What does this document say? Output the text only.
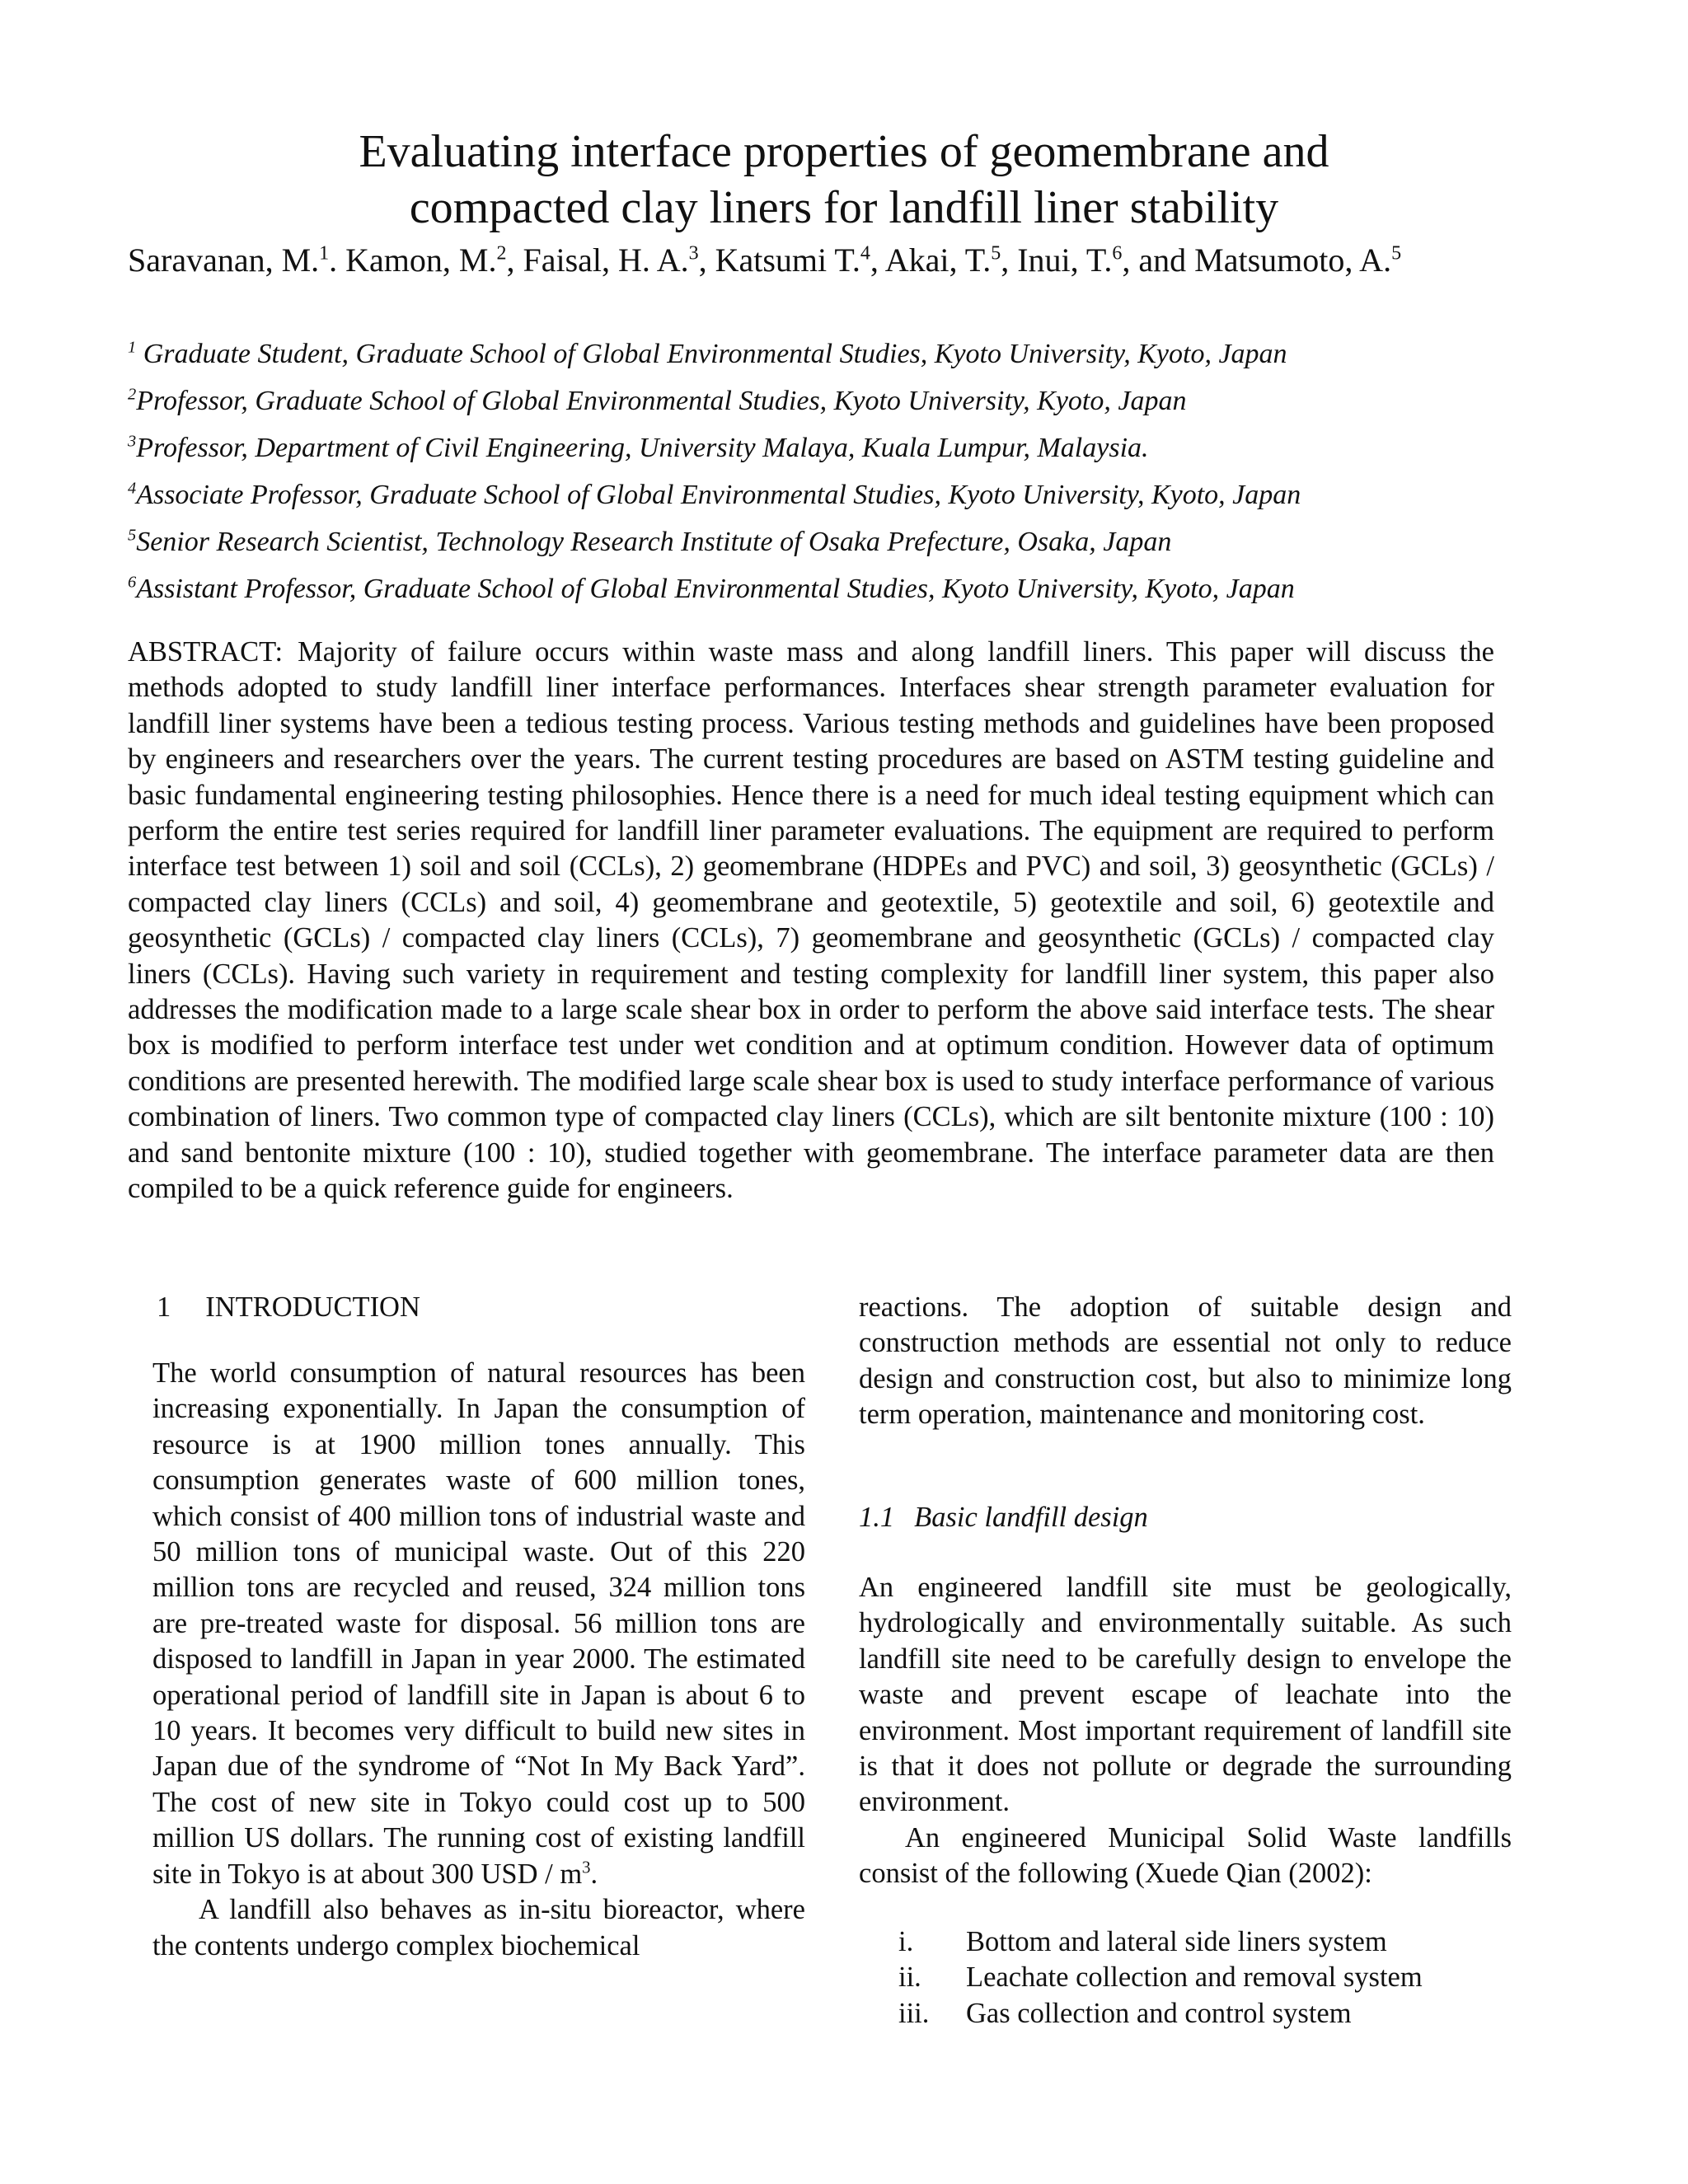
Evaluating interface properties of geomembrane and
compacted clay liners for landfill liner stability
Saravanan, M.$^1$. Kamon, M.$^2$, Faisal, H. A.$^3$, Katsumi T.$^4$, Akai, T.$^5$, Inui, T.$^6$, and Matsumoto, A.$^5$
$^1$ Graduate Student, Graduate School of Global Environmental Studies, Kyoto University, Kyoto, Japan
$^2$Professor, Graduate School of Global Environmental Studies, Kyoto University, Kyoto, Japan
$^3$Professor, Department of Civil Engineering, University Malaya, Kuala Lumpur, Malaysia.
$^4$Associate Professor, Graduate School of Global Environmental Studies, Kyoto University, Kyoto, Japan
$^5$Senior Research Scientist, Technology Research Institute of Osaka Prefecture, Osaka, Japan
$^6$Assistant Professor, Graduate School of Global Environmental Studies, Kyoto University, Kyoto, Japan
ABSTRACT: Majority of failure occurs within waste mass and along landfill liners. This paper will discuss the methods adopted to study landfill liner interface performances. Interfaces shear strength parameter evaluation for landfill liner systems have been a tedious testing process. Various testing methods and guidelines have been proposed by engineers and researchers over the years. The current testing procedures are based on ASTM testing guideline and basic fundamental engineering testing philosophies. Hence there is a need for much ideal testing equipment which can perform the entire test series required for landfill liner parameter evaluations. The equipment are required to perform interface test between 1) soil and soil (CCLs), 2) geomembrane (HDPEs and PVC) and soil, 3) geosynthetic (GCLs) / compacted clay liners (CCLs) and soil, 4) geomembrane and geotextile, 5) geotextile and soil, 6) geotextile and geosynthetic (GCLs) / compacted clay liners (CCLs), 7) geomembrane and geosynthetic (GCLs) / compacted clay liners (CCLs). Having such variety in requirement and testing complexity for landfill liner system, this paper also addresses the modification made to a large scale shear box in order to perform the above said interface tests. The shear box is modified to perform interface test under wet condition and at optimum condition. However data of optimum conditions are presented herewith. The modified large scale shear box is used to study interface performance of various combination of liners. Two common type of compacted clay liners (CCLs), which are silt bentonite mixture (100 : 10) and sand bentonite mixture (100 : 10), studied together with geomembrane. The interface parameter data are then compiled to be a quick reference guide for engineers.
1 INTRODUCTION

The world consumption of natural resources has been increasing exponentially. In Japan the consumption of resource is at 1900 million tones annually. This consumption generates waste of 600 million tones, which consist of 400 million tons of industrial waste and 50 million tons of municipal waste. Out of this 220 million tons are recycled and reused, 324 million tons are pre-treated waste for disposal. 56 million tons are disposed to landfill in Japan in year 2000. The estimated operational period of landfill site in Japan is about 6 to 10 years. It becomes very difficult to build new sites in Japan due of the syndrome of “Not In My Back Yard”. The cost of new site in Tokyo could cost up to 500 million US dollars. The running cost of existing landfill site in Tokyo is at about 300 USD / $m^3$.

A landfill also behaves as in-situ bioreactor, where the contents undergo complex biochemical

reactions. The adoption of suitable design and construction methods are essential not only to reduce design and construction cost, but also to minimize long term operation, maintenance and monitoring cost.

1.1 Basic landfill design

An engineered landfill site must be geologically, hydrologically and environmentally suitable. As such landfill site need to be carefully design to envelope the waste and prevent escape of leachate into the environment. Most important requirement of landfill site is that it does not pollute or degrade the surrounding environment.

An engineered Municipal Solid Waste landfills consist of the following (Xuede Qian (2002):

i.	Bottom and lateral side liners system
ii.	Leachate collection and removal system
iii.	Gas collection and control system
